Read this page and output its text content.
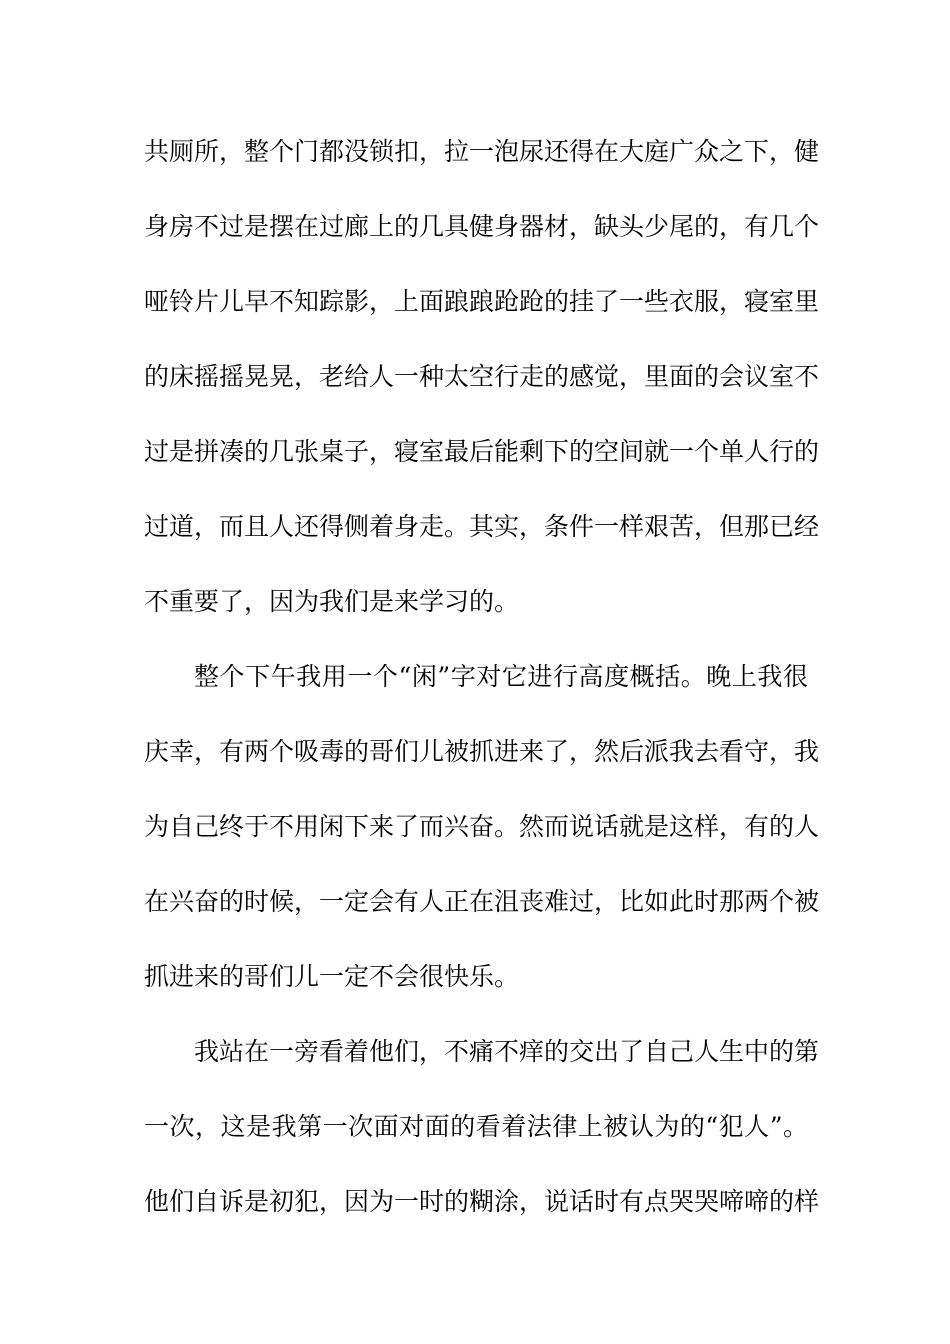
共厕所，整个门都没锁扣，拉一泡尿还得在大庭广众之下，健
身房不过是摆在过廊上的几具健身器材，缺头少尾的，有几个
哑铃片儿早不知踪影，上面踉踉跄跄的挂了一些衣服，寝室里
的床摇摇晃晃，老给人一种太空行走的感觉，里面的会议室不
过是拼凑的几张桌子，寝室最后能剩下的空间就一个单人行的
过道，而且人还得侧着身走。其实，条件一样艰苦，但那已经
不重要了，因为我们是来学习的。
整个下午我用一个“闲”字对它进行高度概括。晚上我很
庆幸，有两个吸毒的哥们儿被抓进来了，然后派我去看守，我
为自己终于不用闲下来了而兴奋。然而说话就是这样，有的人
在兴奋的时候，一定会有人正在沮丧难过，比如此时那两个被
抓进来的哥们儿一定不会很快乐。
我站在一旁看着他们，不痛不痒的交出了自己人生中的第
一次，这是我第一次面对面的看着法律上被认为的“犯人”。
他们自诉是初犯，因为一时的糊涂，说话时有点哭哭啼啼的样
